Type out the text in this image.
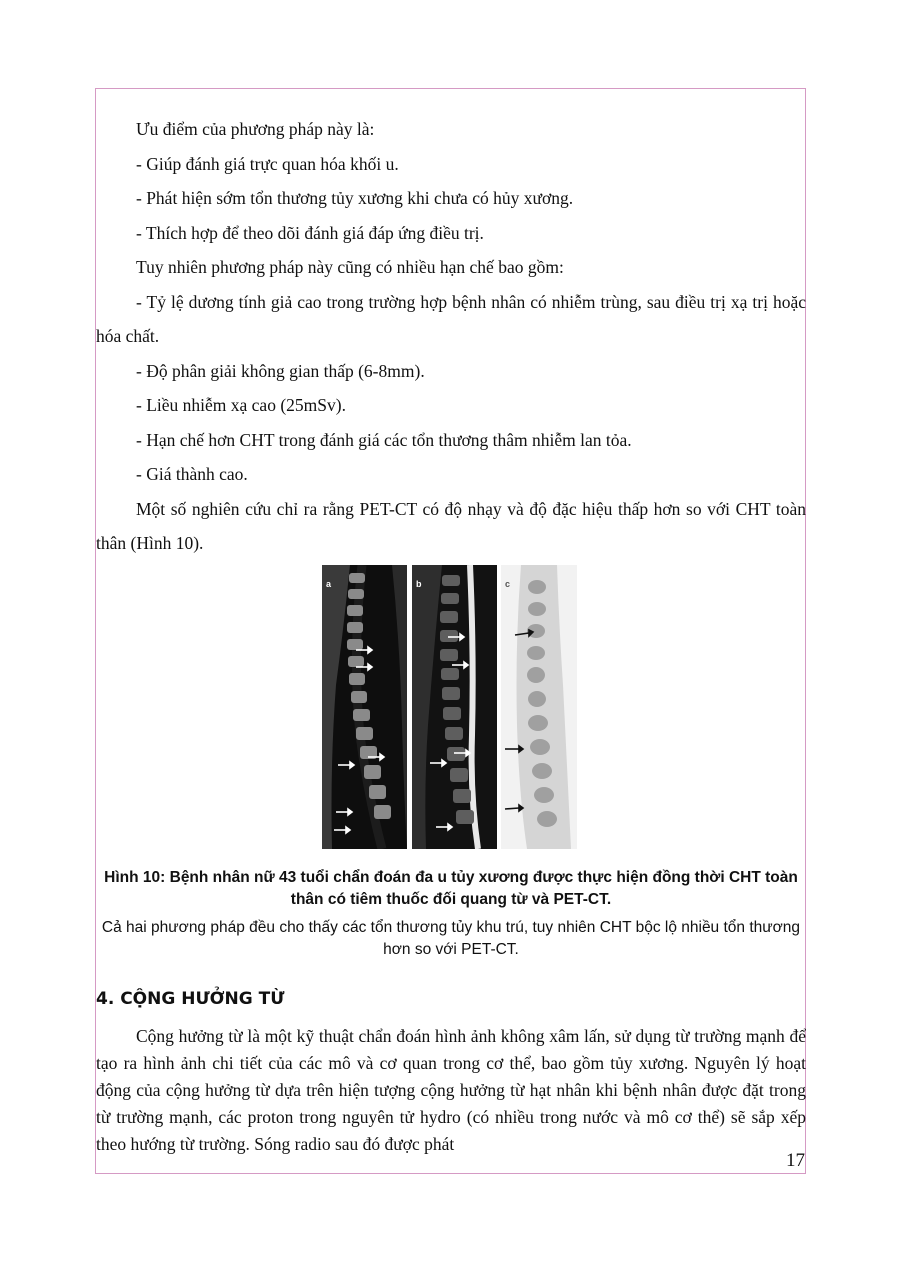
Ưu điểm của phương pháp này là:

- Giúp đánh giá trực quan hóa khối u.

- Phát hiện sớm tổn thương tủy xương khi chưa có hủy xương.

- Thích hợp để theo dõi đánh giá đáp ứng điều trị.

Tuy nhiên phương pháp này cũng có nhiều hạn chế bao gồm:

- Tỷ lệ dương tính giả cao trong trường hợp bệnh nhân có nhiễm trùng, sau điều trị xạ trị hoặc hóa chất.

- Độ phân giải không gian thấp (6-8mm).

- Liều nhiễm xạ cao (25mSv).

- Hạn chế hơn CHT trong đánh giá các tổn thương thâm nhiễm lan tỏa.

- Giá thành cao.

Một số nghiên cứu chỉ ra rằng PET-CT có độ nhạy và độ đặc hiệu thấp hơn so với CHT toàn thân (Hình 10).

a	b	c

Hình 10: Bệnh nhân nữ 43 tuổi chẩn đoán đa u tủy xương được thực hiện đồng thời CHT toàn thân có tiêm thuốc đối quang từ và PET-CT.

Cả hai phương pháp đều cho thấy các tổn thương tủy khu trú, tuy nhiên CHT bộc lộ nhiều tổn thương hơn so với PET-CT.

4. CỘNG HƯỞNG TỪ

Cộng hưởng từ là một kỹ thuật chẩn đoán hình ảnh không xâm lấn, sử dụng từ trường mạnh để tạo ra hình ảnh chi tiết của các mô và cơ quan trong cơ thể, bao gồm tủy xương. Nguyên lý hoạt động của cộng hưởng từ dựa trên hiện tượng cộng hưởng từ hạt nhân khi bệnh nhân được đặt trong từ trường mạnh, các proton trong nguyên tử hydro (có nhiều trong nước và mô cơ thể) sẽ sắp xếp theo hướng từ trường. Sóng radio sau đó được phát

17
